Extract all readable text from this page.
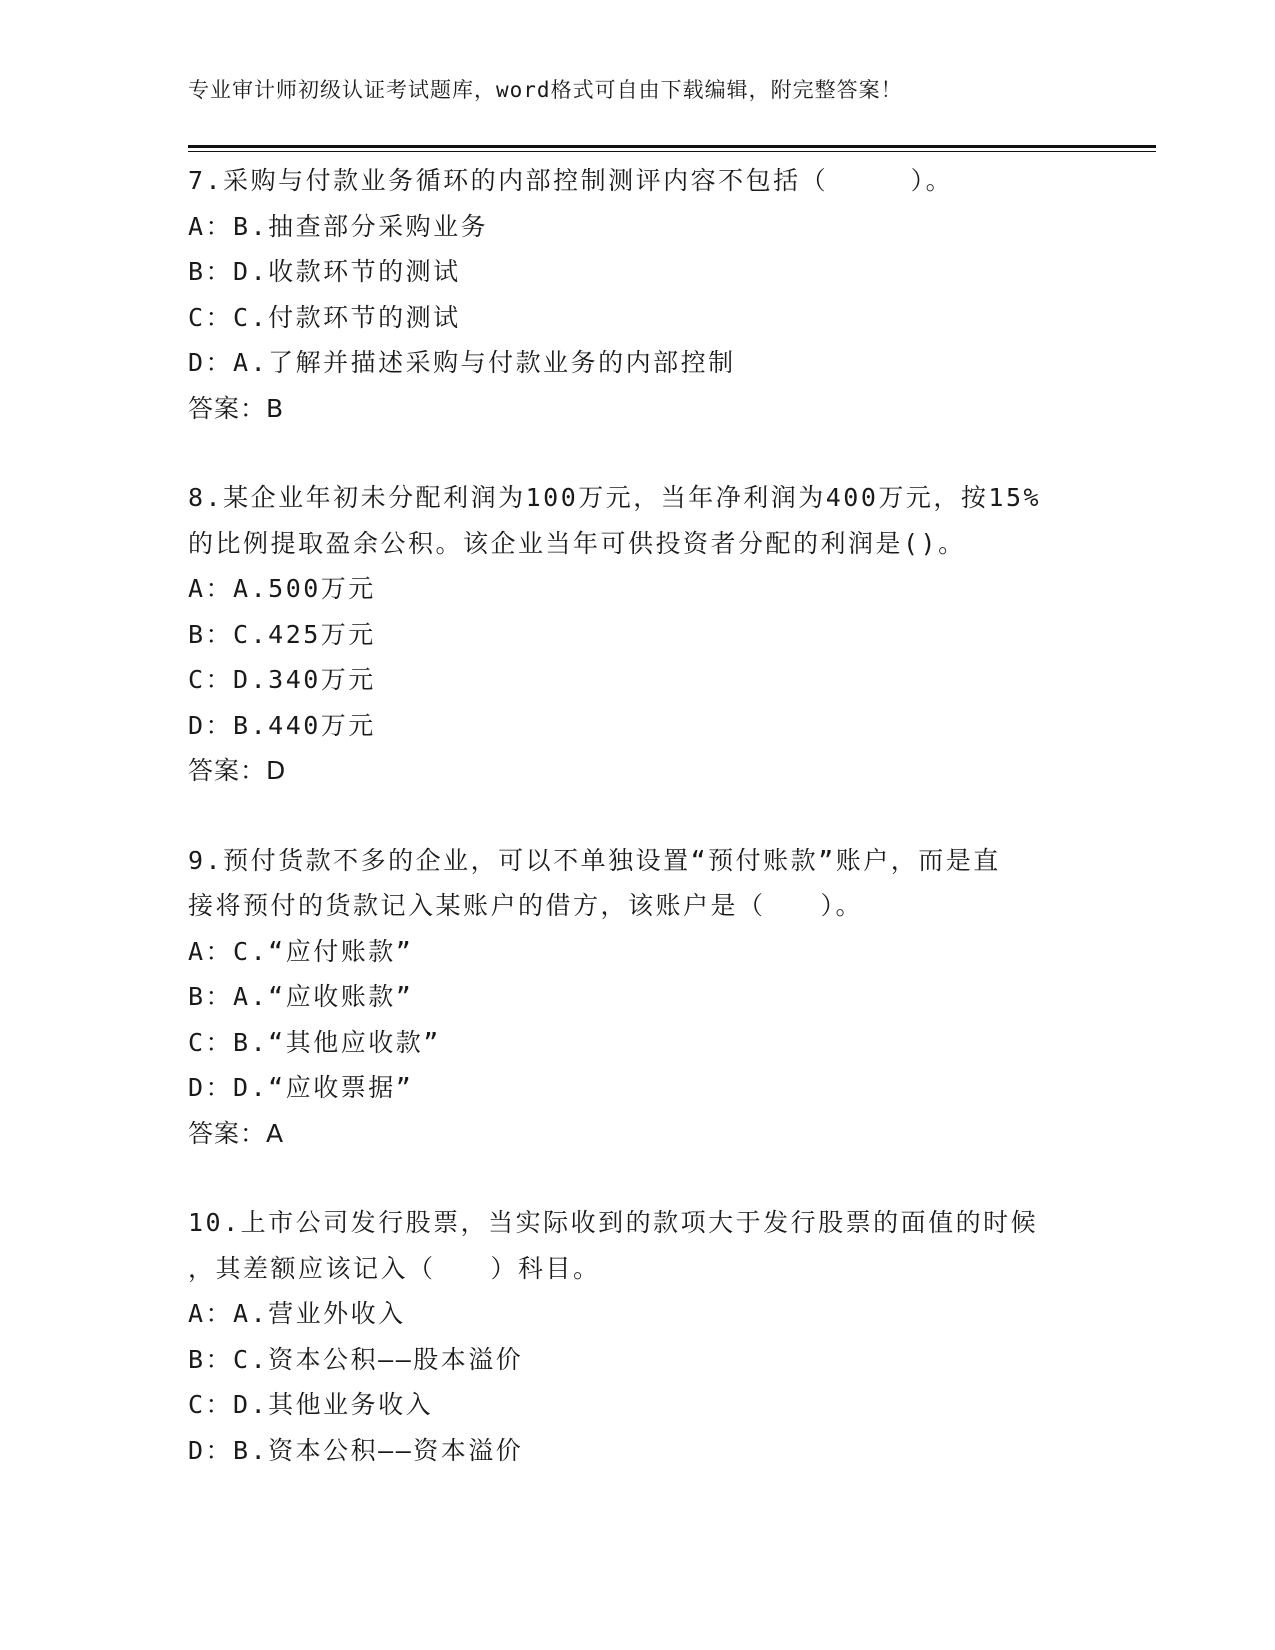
专业审计师初级认证考试题库，word格式可自由下载编辑，附完整答案！
7.采购与付款业务循环的内部控制测评内容不包括（　　　）。
A：B.抽查部分采购业务
B：D.收款环节的测试
C：C.付款环节的测试
D：A.了解并描述采购与付款业务的内部控制
答案：B
8.某企业年初未分配利润为100万元，当年净利润为400万元，按15%
的比例提取盈余公积。该企业当年可供投资者分配的利润是()。
A：A.500万元
B：C.425万元
C：D.340万元
D：B.440万元
答案：D
9.预付货款不多的企业，可以不单独设置“预付账款”账户，而是直
接将预付的货款记入某账户的借方，该账户是（　　）。
A：C.“应付账款”
B：A.“应收账款”
C：B.“其他应收款”
D：D.“应收票据”
答案：A
10.上市公司发行股票，当实际收到的款项大于发行股票的面值的时候
，其差额应该记入（　　）科目。
A：A.营业外收入
B：C.资本公积——股本溢价
C：D.其他业务收入
D：B.资本公积——资本溢价
